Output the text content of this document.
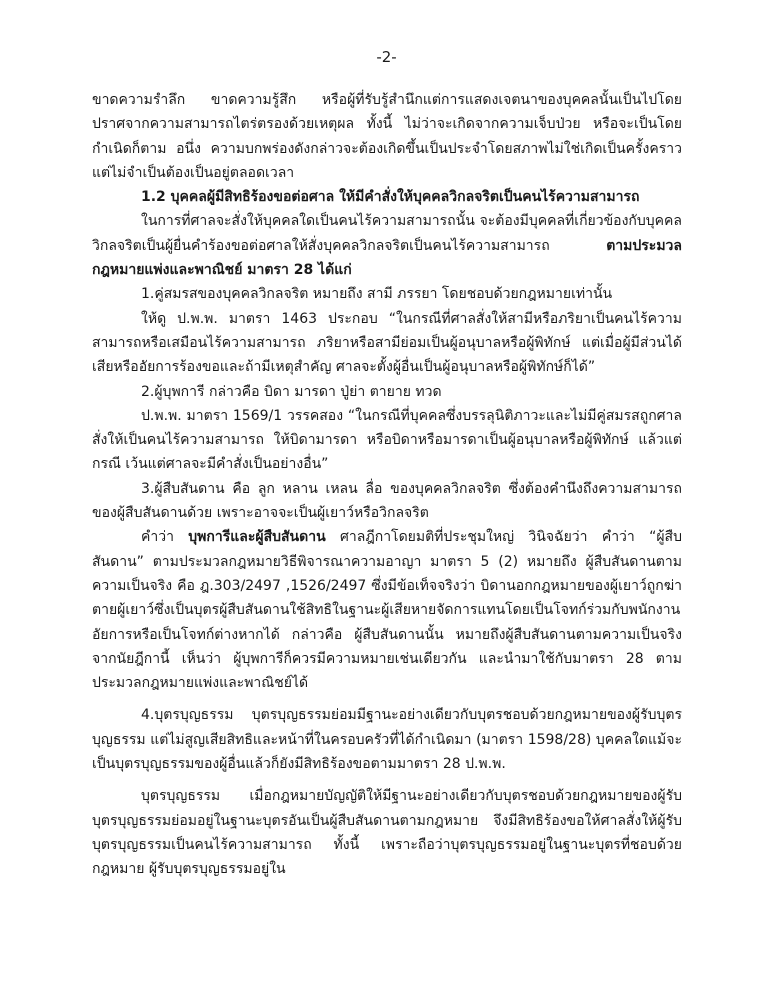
-2-

ขาดความรำลึก ขาดความรู้สึก หรือผู้ที่รับรู้สำนึกแต่การแสดงเจตนาของบุคคลนั้นเป็นไปโดยปราศจากความสามารถไตร่ตรองด้วยเหตุผล ทั้งนี้ ไม่ว่าจะเกิดจากความเจ็บป่วย หรือจะเป็นโดยกำเนิดก็ตาม อนึ่ง ความบกพร่องดังกล่าวจะต้องเกิดขึ้นเป็นประจำโดยสภาพไม่ใช่เกิดเป็นครั้งคราว แต่ไม่จำเป็นต้องเป็นอยู่ตลอดเวลา

1.2 บุคคลผู้มีสิทธิร้องขอต่อศาล ให้มีคำสั่งให้บุคคลวิกลจริตเป็นคนไร้ความสามารถ

ในการที่ศาลจะสั่งให้บุคคลใดเป็นคนไร้ความสามารถนั้น จะต้องมีบุคคลที่เกี่ยวข้องกับบุคคลวิกลจริตเป็นผู้ยื่นคำร้องขอต่อศาลให้สั่งบุคคลวิกลจริตเป็นคนไร้ความสามารถ ตามประมวลกฎหมายแพ่งและพาณิชย์ มาตรา 28 ได้แก่

1.คู่สมรสของบุคคลวิกลจริต หมายถึง สามี ภรรยา โดยชอบด้วยกฎหมายเท่านั้น

ให้ดู ป.พ.พ. มาตรา 1463 ประกอบ “ในกรณีที่ศาลสั่งให้สามีหรือภริยาเป็นคนไร้ความสามารถหรือเสมือนไร้ความสามารถ ภริยาหรือสามีย่อมเป็นผู้อนุบาลหรือผู้พิทักษ์ แต่เมื่อผู้มีส่วนได้เสียหรืออัยการร้องขอและถ้ามีเหตุสำคัญ ศาลจะตั้งผู้อื่นเป็นผู้อนุบาลหรือผู้พิทักษ์ก็ได้”

2.ผู้บุพการี กล่าวคือ บิดา มารดา ปู่ย่า ตายาย ทวด

ป.พ.พ. มาตรา 1569/1 วรรคสอง “ในกรณีที่บุคคลซึ่งบรรลุนิติภาวะและไม่มีคู่สมรสถูกศาลสั่งให้เป็นคนไร้ความสามารถ ให้บิดามารดา หรือบิดาหรือมารดาเป็นผู้อนุบาลหรือผู้พิทักษ์ แล้วแต่กรณี เว้นแต่ศาลจะมีคำสั่งเป็นอย่างอื่น”

3.ผู้สืบสันดาน คือ ลูก หลาน เหลน ลื่อ ของบุคคลวิกลจริต ซึ่งต้องคำนึงถึงความสามารถของผู้สืบสันดานด้วย เพราะอาจจะเป็นผู้เยาว์หรือวิกลจริต

คำว่า บุพการีและผู้สืบสันดาน ศาลฎีกาโดยมติที่ประชุมใหญ่ วินิจฉัยว่า คำว่า “ผู้สืบสันดาน” ตามประมวลกฎหมายวิธีพิจารณาความอาญา มาตรา 5 (2) หมายถึง ผู้สืบสันดานตามความเป็นจริง คือ ฎ.303/2497 ,1526/2497 ซึ่งมีข้อเท็จจริงว่า บิดานอกกฎหมายของผู้เยาว์ถูกฆ่าตายผู้เยาว์ซึ่งเป็นบุตรผู้สืบสันดานใช้สิทธิในฐานะผู้เสียหายจัดการแทนโดยเป็นโจทก์ร่วมกับพนักงานอัยการหรือเป็นโจทก์ต่างหากได้ กล่าวคือ ผู้สืบสันดานนั้น หมายถึงผู้สืบสันดานตามความเป็นจริง จากนัยฎีกานี้ เห็นว่า ผู้บุพการีก็ควรมีความหมายเช่นเดียวกัน และนำมาใช้กับมาตรา 28 ตามประมวลกฎหมายแพ่งและพาณิชย์ได้

4.บุตรบุญธรรม บุตรบุญธรรมย่อมมีฐานะอย่างเดียวกับบุตรชอบด้วยกฎหมายของผู้รับบุตรบุญธรรม แต่ไม่สูญเสียสิทธิและหน้าที่ในครอบครัวที่ได้กำเนิดมา (มาตรา 1598/28) บุคคลใดแม้จะเป็นบุตรบุญธรรมของผู้อื่นแล้วก็ยังมีสิทธิร้องขอตามมาตรา 28 ป.พ.พ.

บุตรบุญธรรม เมื่อกฎหมายบัญญัติให้มีฐานะอย่างเดียวกับบุตรชอบด้วยกฎหมายของผู้รับบุตรบุญธรรมย่อมอยู่ในฐานะบุตรอันเป็นผู้สืบสันดานตามกฎหมาย จึงมีสิทธิร้องขอให้ศาลสั่งให้ผู้รับบุตรบุญธรรมเป็นคนไร้ความสามารถ ทั้งนี้ เพราะถือว่าบุตรบุญธรรมอยู่ในฐานะบุตรที่ชอบด้วยกฎหมาย ผู้รับบุตรบุญธรรมอยู่ใน
